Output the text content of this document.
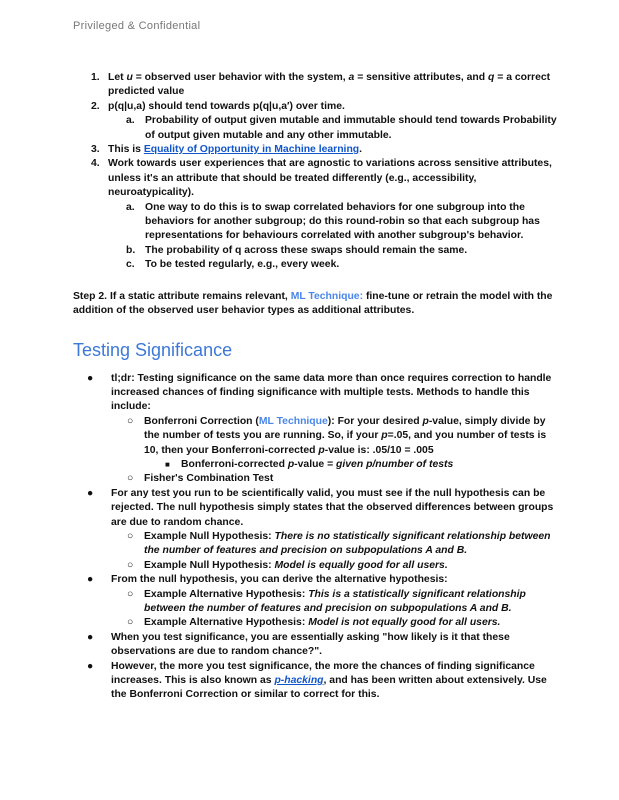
Privileged & Confidential
1. Let u = observed user behavior with the system, a = sensitive attributes, and q = a correct predicted value
2. p(q|u,a) should tend towards p(q|u,a′) over time.
a. Probability of output given mutable and immutable should tend towards Probability of output given mutable and any other immutable.
3. This is Equality of Opportunity in Machine learning.
4. Work towards user experiences that are agnostic to variations across sensitive attributes, unless it's an attribute that should be treated differently (e.g., accessibility, neuroatypicality).
a. One way to do this is to swap correlated behaviors for one subgroup into the behaviors for another subgroup; do this round-robin so that each subgroup has representations for behaviours correlated with another subgroup's behavior.
b. The probability of q across these swaps should remain the same.
c. To be tested regularly, e.g., every week.
Step 2. If a static attribute remains relevant, ML Technique: fine-tune or retrain the model with the addition of the observed user behavior types as additional attributes.
Testing Significance
●	tl;dr: Testing significance on the same data more than once requires correction to handle increased chances of finding significance with multiple tests. Methods to handle this include:
○	Bonferroni Correction (ML Technique): For your desired p-value, simply divide by the number of tests you are running. So, if your p=.05, and you number of tests is 10, then your Bonferroni-corrected p-value is: .05/10 = .005
■	Bonferroni-corrected p-value = given p/number of tests
○	Fisher's Combination Test
●	For any test you run to be scientifically valid, you must see if the null hypothesis can be rejected. The null hypothesis simply states that the observed differences between groups are due to random chance.
○	Example Null Hypothesis: There is no statistically significant relationship between the number of features and precision on subpopulations A and B.
○	Example Null Hypothesis: Model is equally good for all users.
●	From the null hypothesis, you can derive the alternative hypothesis:
○	Example Alternative Hypothesis: This is a statistically significant relationship between the number of features and precision on subpopulations A and B.
○	Example Alternative Hypothesis: Model is not equally good for all users.
●	When you test significance, you are essentially asking "how likely is it that these observations are due to random chance?".
●	However, the more you test significance, the more the chances of finding significance increases. This is also known as p-hacking, and has been written about extensively. Use the Bonferroni Correction or similar to correct for this.
